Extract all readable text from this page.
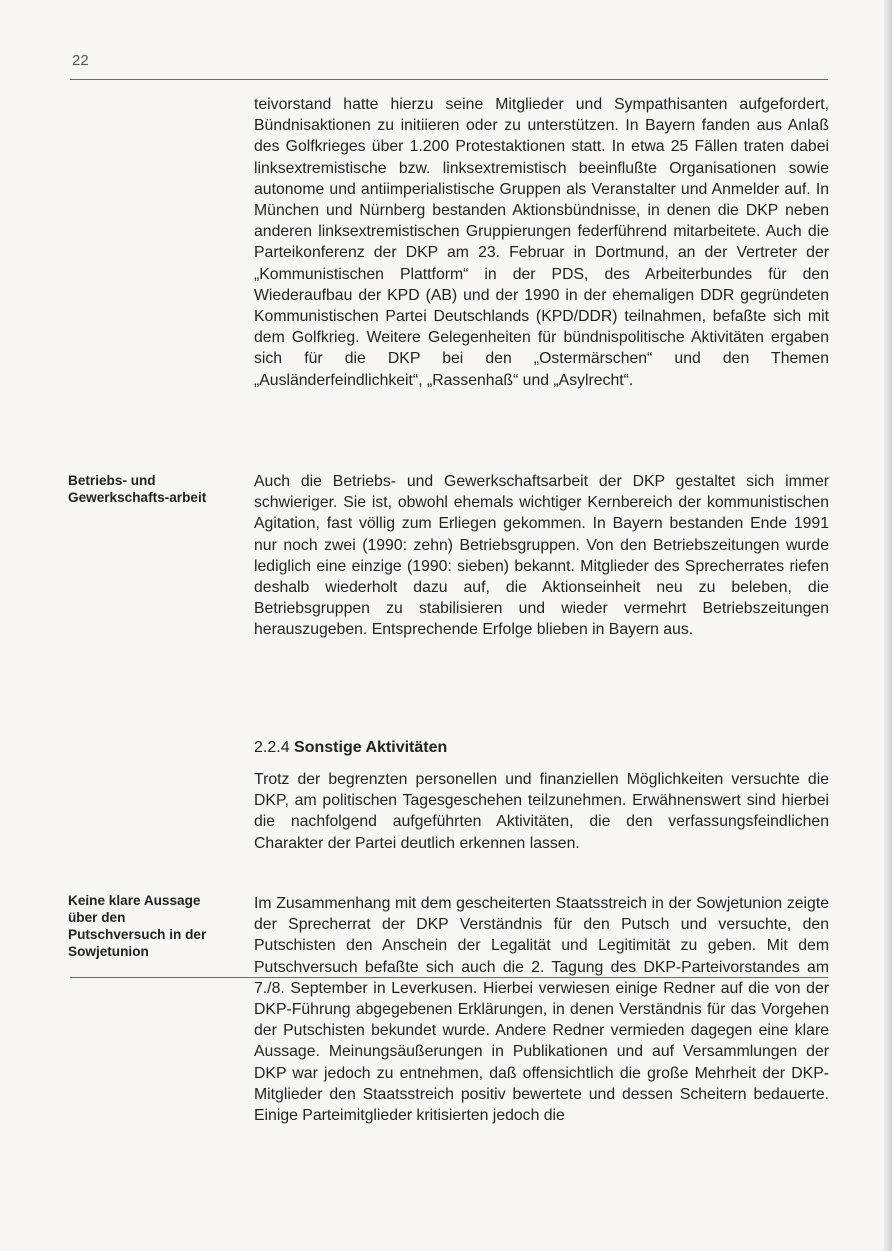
22

teivorstand hatte hierzu seine Mitglieder und Sympathisanten aufgefordert, Bündnisaktionen zu initiieren oder zu unterstützen. In Bayern fanden aus Anlaß des Golfkrieges über 1.200 Protestaktionen statt. In etwa 25 Fällen traten dabei linksextremistische bzw. linksextremistisch beeinflußte Organisationen sowie autonome und antiimperialistische Gruppen als Veranstalter und Anmelder auf. In München und Nürnberg bestanden Aktionsbündnisse, in denen die DKP neben anderen linksextremistischen Gruppierungen federführend mitarbeitete. Auch die Parteikonferenz der DKP am 23. Februar in Dortmund, an der Vertreter der „Kommunistischen Plattform“ in der PDS, des Arbeiterbundes für den Wiederaufbau der KPD (AB) und der 1990 in der ehemaligen DDR gegründeten Kommunistischen Partei Deutschlands (KPD/DDR) teilnahmen, befaßte sich mit dem Golfkrieg. Weitere Gelegenheiten für bündnispolitische Aktivitäten ergaben sich für die DKP bei den „Ostermärschen“ und den Themen „Ausländerfeindlichkeit“, „Rassenhaß“ und „Asylrecht“.

Betriebs- und Gewerkschafts-arbeit

Auch die Betriebs- und Gewerkschaftsarbeit der DKP gestaltet sich immer schwieriger. Sie ist, obwohl ehemals wichtiger Kernbereich der kommunistischen Agitation, fast völlig zum Erliegen gekommen. In Bayern bestanden Ende 1991 nur noch zwei (1990: zehn) Betriebsgruppen. Von den Betriebszeitungen wurde lediglich eine einzige (1990: sieben) bekannt. Mitglieder des Sprecherrates riefen deshalb wiederholt dazu auf, die Aktionseinheit neu zu beleben, die Betriebsgruppen zu stabilisieren und wieder vermehrt Betriebszeitungen herauszugeben. Entsprechende Erfolge blieben in Bayern aus.

2.2.4 Sonstige Aktivitäten

Trotz der begrenzten personellen und finanziellen Möglichkeiten versuchte die DKP, am politischen Tagesgeschehen teilzunehmen. Erwähnenswert sind hierbei die nachfolgend aufgeführten Aktivitäten, die den verfassungsfeindlichen Charakter der Partei deutlich erkennen lassen.

Keine klare Aussage über den Putschversuch in der Sowjetunion

Im Zusammenhang mit dem gescheiterten Staatsstreich in der Sowjetunion zeigte der Sprecherrat der DKP Verständnis für den Putsch und versuchte, den Putschisten den Anschein der Legalität und Legitimität zu geben. Mit dem Putschversuch befaßte sich auch die 2. Tagung des DKP-Parteivorstandes am 7./8. September in Leverkusen. Hierbei verwiesen einige Redner auf die von der DKP-Führung abgegebenen Erklärungen, in denen Verständnis für das Vorgehen der Putschisten bekundet wurde. Andere Redner vermieden dagegen eine klare Aussage. Meinungsäußerungen in Publikationen und auf Versammlungen der DKP war jedoch zu entnehmen, daß offensichtlich die große Mehrheit der DKP-Mitglieder den Staatsstreich positiv bewertete und dessen Scheitern bedauerte. Einige Parteimitglieder kritisierten jedoch die
